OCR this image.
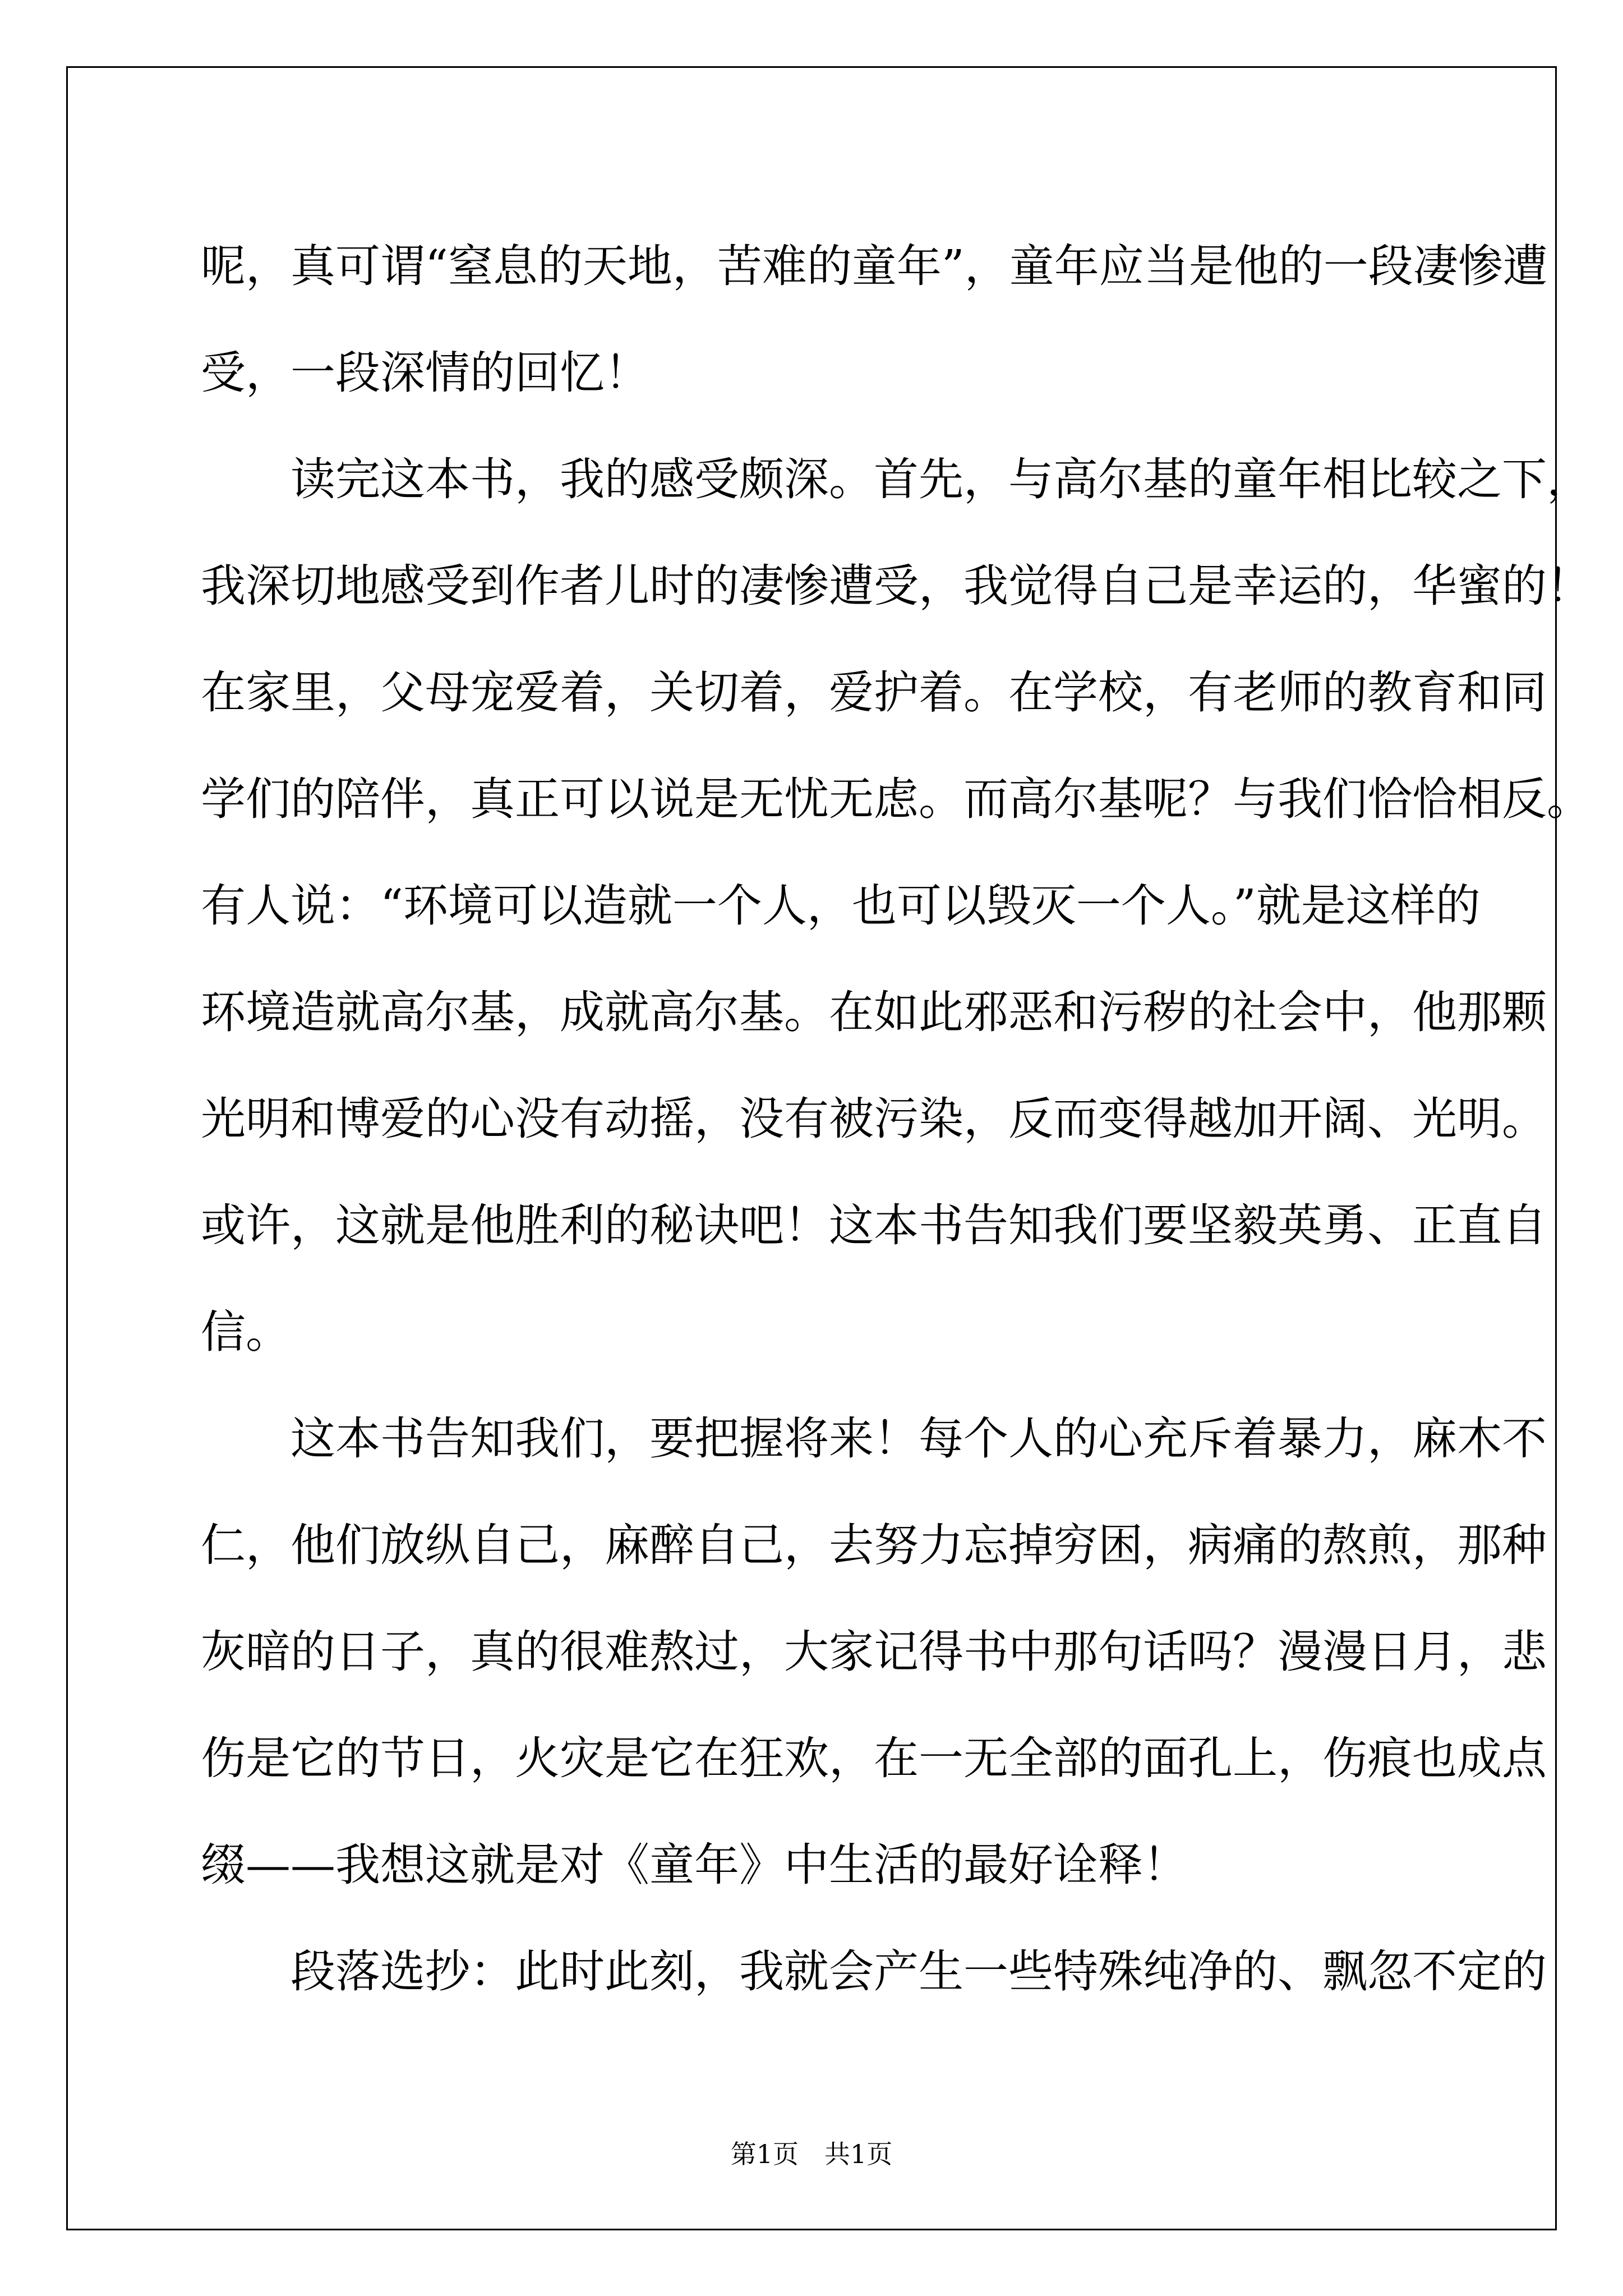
呢，真可谓“窒息的天地，苦难的童年”，童年应当是他的一段凄惨遭
受，一段深情的回忆！
读完这本书，我的感受颇深。首先，与高尔基的童年相比较之下，
我深切地感受到作者儿时的凄惨遭受，我觉得自己是幸运的，华蜜的！
在家里，父母宠爱着，关切着，爱护着。在学校，有老师的教育和同
学们的陪伴，真正可以说是无忧无虑。而高尔基呢？与我们恰恰相反。
有人说：“环境可以造就一个人，也可以毁灭一个人。”就是这样的
环境造就高尔基，成就高尔基。在如此邪恶和污秽的社会中，他那颗
光明和博爱的心没有动摇，没有被污染，反而变得越加开阔、光明。
或许，这就是他胜利的秘诀吧！这本书告知我们要坚毅英勇、正直自
信。
这本书告知我们，要把握将来！每个人的心充斥着暴力，麻木不
仁，他们放纵自己，麻醉自己，去努力忘掉穷困，病痛的熬煎，那种
灰暗的日子，真的很难熬过，大家记得书中那句话吗？漫漫日月，悲
伤是它的节日，火灾是它在狂欢，在一无全部的面孔上，伤痕也成点
缀——我想这就是对《童年》中生活的最好诠释！
段落选抄：此时此刻，我就会产生一些特殊纯净的、飘忽不定的
第1页　共1页
